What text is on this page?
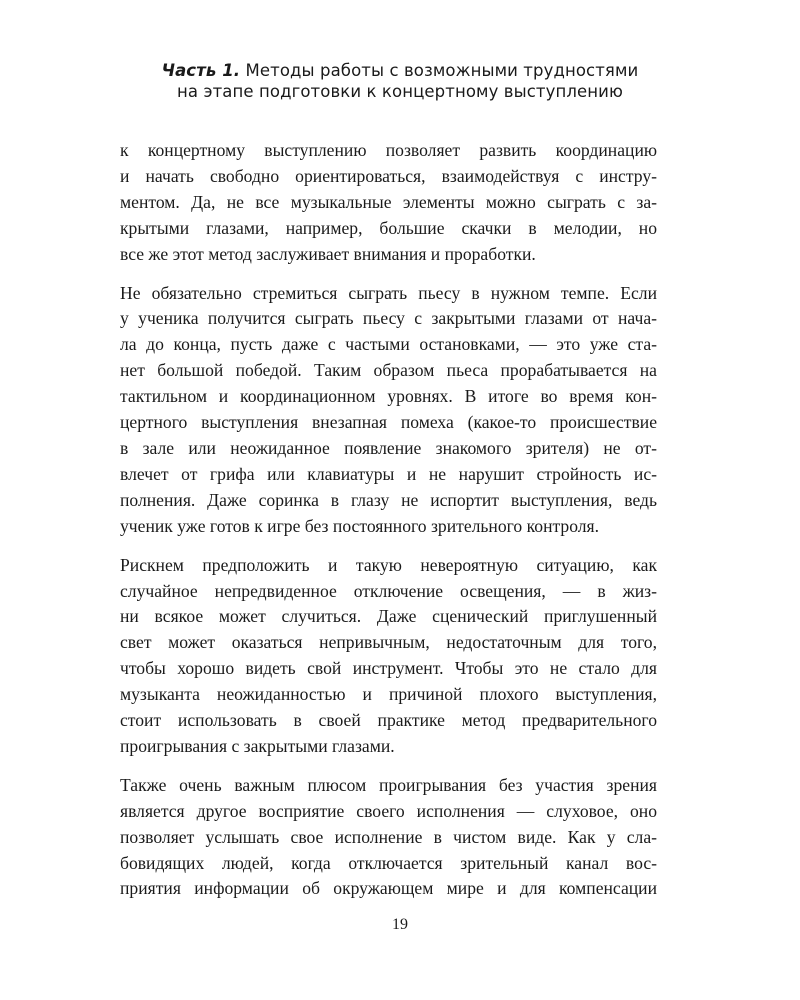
Часть 1. Методы работы с возможными трудностями
на этапе подготовки к концертному выступлению

к концертному выступлению позволяет развить координацию
и начать свободно ориентироваться, взаимодействуя с инстру-
ментом. Да, не все музыкальные элементы можно сыграть с за-
крытыми глазами, например, большие скачки в мелодии, но
все же этот метод заслуживает внимания и проработки.

Не обязательно стремиться сыграть пьесу в нужном темпе. Если
у ученика получится сыграть пьесу с закрытыми глазами от нача-
ла до конца, пусть даже с частыми остановками, — это уже ста-
нет большой победой. Таким образом пьеса прорабатывается на
тактильном и координационном уровнях. В итоге во время кон-
цертного выступления внезапная помеха (какое-то происшествие
в зале или неожиданное появление знакомого зрителя) не от-
влечет от грифа или клавиатуры и не нарушит стройность ис-
полнения. Даже соринка в глазу не испортит выступления, ведь
ученик уже готов к игре без постоянного зрительного контроля.

Рискнем предположить и такую невероятную ситуацию, как
случайное непредвиденное отключение освещения, — в жиз-
ни всякое может случиться. Даже сценический приглушенный
свет может оказаться непривычным, недостаточным для того,
чтобы хорошо видеть свой инструмент. Чтобы это не стало для
музыканта неожиданностью и причиной плохого выступления,
стоит использовать в своей практике метод предварительного
проигрывания с закрытыми глазами.

Также очень важным плюсом проигрывания без участия зрения
является другое восприятие своего исполнения — слуховое, оно
позволяет услышать свое исполнение в чистом виде. Как у сла-
бовидящих людей, когда отключается зрительный канал вос-
приятия информации об окружающем мире и для компенсации

19
